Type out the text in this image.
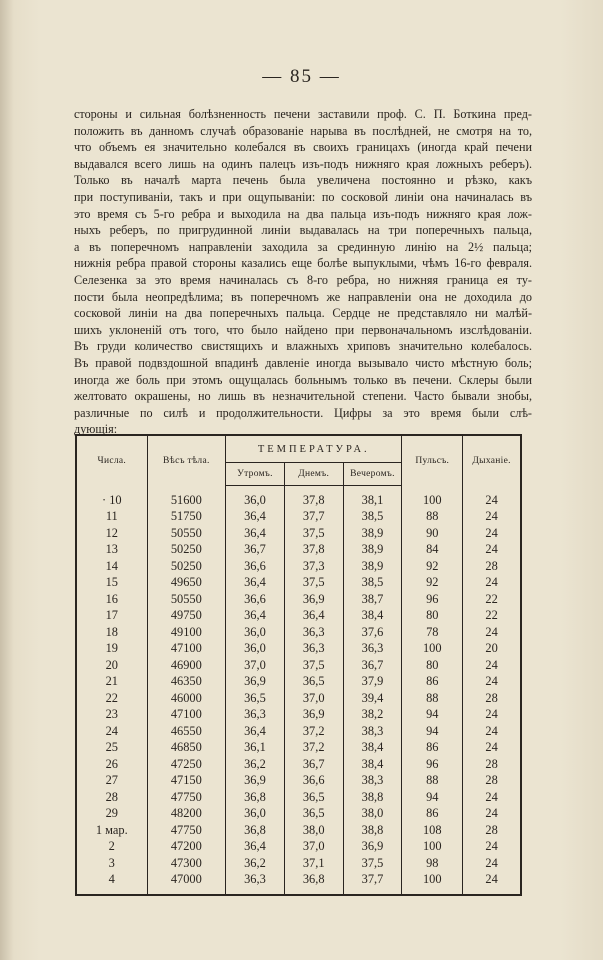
— 85 —
стороны и сильная болѣзненность печени заставили проф. С. П. Боткина пред-
положить въ данномъ случаѣ образованіе нарыва въ послѣдней, не смотря на то,
что объемъ ея значительно колебался въ своихъ границахъ (иногда край печени
выдавался всего лишь на одинъ палецъ изъ-подъ нижняго края ложныхъ реберъ).
Только въ началѣ марта печень была увеличена постоянно и рѣзко, какъ
при поступиваніи, такъ и при ощупываніи: по сосковой линіи она начиналась въ
это время съ 5-го ребра и выходила на два пальца изъ-подъ нижняго края лож-
ныхъ реберъ, по пригрудинной линіи выдавалась на три поперечныхъ пальца,
а въ поперечномъ направленіи заходила за срединную линію на 2½ пальца;
нижнія ребра правой стороны казались еще болѣе выпуклыми, чѣмъ 16-го февраля.
Селезенка за это время начиналась съ 8-го ребра, но нижняя граница ея ту-
пости была неопредѣлима; въ поперечномъ же направленіи она не доходила до
сосковой линіи на два поперечныхъ пальца. Сердце не представляло ни малѣй-
шихъ уклоненій отъ того, что было найдено при первоначальномъ изслѣдованіи.
Въ груди количество свистящихъ и влажныхъ хриповъ значительно колебалось.
Въ правой подвздошной впадинѣ давленіе иногда вызывало чисто мѣстную боль;
иногда же боль при этомъ ощущалась больнымъ только въ печени. Склеры были
желтовато окрашены, но лишь въ незначительной степени. Часто бывали знобы,
различные по силѣ и продолжительности. Цифры за это время были слѣ-
дующія:
Числа.	Вѣсъ тѣла.	ТЕМПЕРАТУРА.			Пульсъ.	Дыханіе.
		Утромъ.	Днемъ.	Вечеромъ.		
· 10	51600	36,0	37,8	38,1	100	24
11	51750	36,4	37,7	38,5	88	24
12	50550	36,4	37,5	38,9	90	24
13	50250	36,7	37,8	38,9	84	24
14	50250	36,6	37,3	38,9	92	28
15	49650	36,4	37,5	38,5	92	24
16	50550	36,6	36,9	38,7	96	22
17	49750	36,4	36,4	38,4	80	22
18	49100	36,0	36,3	37,6	78	24
19	47100	36,0	36,3	36,3	100	20
20	46900	37,0	37,5	36,7	80	24
21	46350	36,9	36,5	37,9	86	24
22	46000	36,5	37,0	39,4	88	28
23	47100	36,3	36,9	38,2	94	24
24	46550	36,4	37,2	38,3	94	24
25	46850	36,1	37,2	38,4	86	24
26	47250	36,2	36,7	38,4	96	28
27	47150	36,9	36,6	38,3	88	28
28	47750	36,8	36,5	38,8	94	24
29	48200	36,0	36,5	38,0	86	24
1 мар.	47750	36,8	38,0	38,8	108	28
2	47200	36,4	37,0	36,9	100	24
3	47300	36,2	37,1	37,5	98	24
4	47000	36,3	36,8	37,7	100	24
